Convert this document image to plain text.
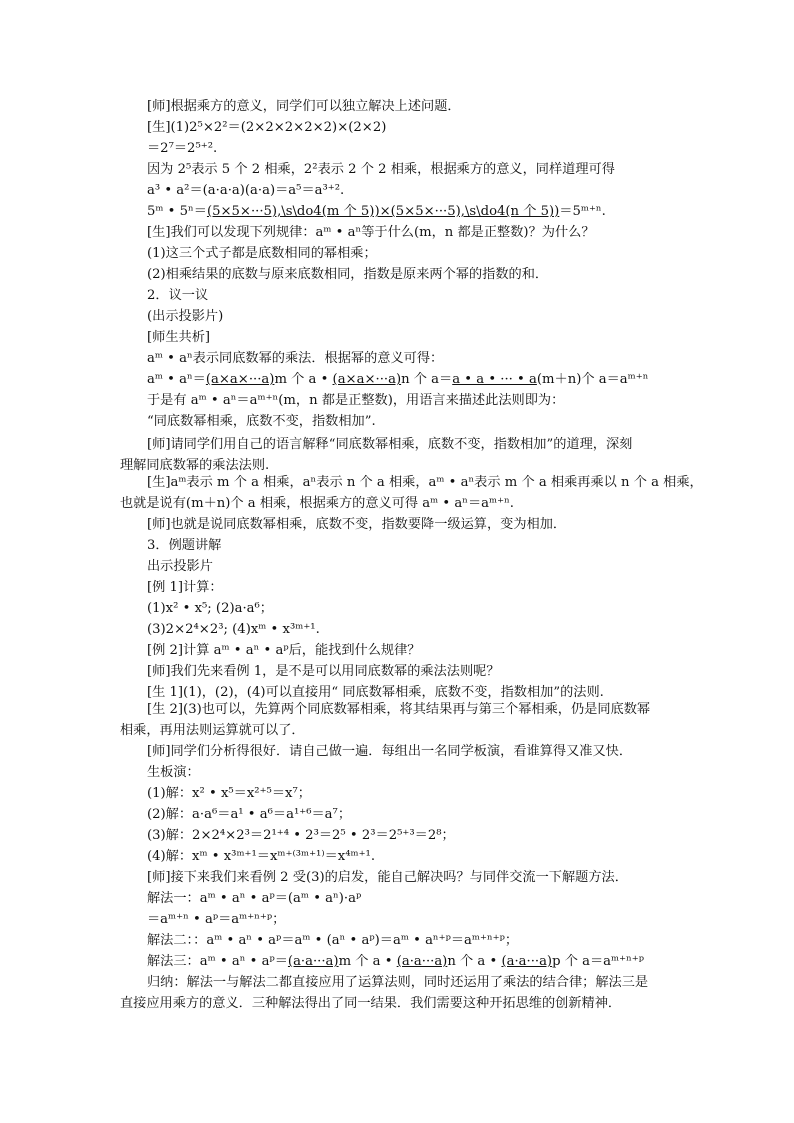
[师]根据乘方的意义，同学们可以独立解决上述问题．
[生](1)2⁵×2²＝(2×2×2×2×2)×(2×2)
＝2⁷＝2⁵⁺².
因为 2⁵表示 5 个 2 相乘，2²表示 2 个 2 相乘，根据乘方的意义，同样道理可得
a³ • a²＝(a·a·a)(a·a)＝a⁵＝a³⁺².
5ᵐ • 5ⁿ＝(5×5×···5),\s\do4(m 个 5))×(5×5×···5),\s\do4(n 个 5))＝5ᵐ⁺ⁿ.
[生]我们可以发现下列规律：aᵐ • aⁿ等于什么(m，n 都是正整数)？为什么？
(1)这三个式子都是底数相同的幂相乘；
(2)相乘结果的底数与原来底数相同，指数是原来两个幂的指数的和．
2．议一议
(出示投影片)
[师生共析]
aᵐ • aⁿ表示同底数幂的乘法．根据幂的意义可得：
aᵐ • aⁿ＝(a×a×···a)m 个 a • (a×a×···a)n 个 a＝a • a • ··· • a(m＋n)个 a＝aᵐ⁺ⁿ
于是有 aᵐ • aⁿ＝aᵐ⁺ⁿ(m，n 都是正整数)，用语言来描述此法则即为：
“同底数幂相乘，底数不变，指数相加”.
[师]请同学们用自己的语言解释“同底数幂相乘，底数不变，指数相加”的道理，深刻
理解同底数幂的乘法法则.
[生]aᵐ表示 m 个 a 相乘，aⁿ表示 n 个 a 相乘，aᵐ • aⁿ表示 m 个 a 相乘再乘以 n 个 a 相乘，
也就是说有(m＋n)个 a 相乘，根据乘方的意义可得 aᵐ • aⁿ＝aᵐ⁺ⁿ.
[师]也就是说同底数幂相乘，底数不变，指数要降一级运算，变为相加．
3．例题讲解
出示投影片
[例 1]计算：
(1)x² • x⁵; (2)a·a⁶；
(3)2×2⁴×2³; (4)xᵐ • x³ᵐ⁺¹.
[例 2]计算 aᵐ • aⁿ • aᵖ后，能找到什么规律？
[师]我们先来看例 1，是不是可以用同底数幂的乘法法则呢？
[生 1](1)，(2)，(4)可以直接用“ 同底数幂相乘，底数不变，指数相加”的法则.
[生 2](3)也可以，先算两个同底数幂相乘，将其结果再与第三个幂相乘，仍是同底数幂
相乘，再用法则运算就可以了．
[师]同学们分析得很好．请自己做一遍．每组出一名同学板演，看谁算得又准又快．
生板演：
(1)解：x² • x⁵＝x²⁺⁵＝x⁷；
(2)解：a·a⁶＝a¹ • a⁶＝a¹⁺⁶＝a⁷；
(3)解：2×2⁴×2³＝2¹⁺⁴ • 2³＝2⁵ • 2³＝2⁵⁺³＝2⁸；
(4)解：xᵐ • x³ᵐ⁺¹＝xᵐ⁺⁽³ᵐ⁺¹⁾＝x⁴ᵐ⁺¹.
[师]接下来我们来看例 2 受(3)的启发，能自己解决吗？与同伴交流一下解题方法．
解法一：aᵐ • aⁿ • aᵖ＝(aᵐ • aⁿ)·aᵖ
＝aᵐ⁺ⁿ • aᵖ＝aᵐ⁺ⁿ⁺ᵖ；
解法二：：aᵐ • aⁿ • aᵖ＝aᵐ • (aⁿ • aᵖ)＝aᵐ • aⁿ⁺ᵖ＝aᵐ⁺ⁿ⁺ᵖ；
解法三：aᵐ • aⁿ • aᵖ＝(a·a···a)m 个 a • (a·a···a)n 个 a • (a·a···a)p 个 a＝aᵐ⁺ⁿ⁺ᵖ
归纳：解法一与解法二都直接应用了运算法则，同时还运用了乘法的结合律；解法三是
直接应用乘方的意义．三种解法得出了同一结果．我们需要这种开拓思维的创新精神．
